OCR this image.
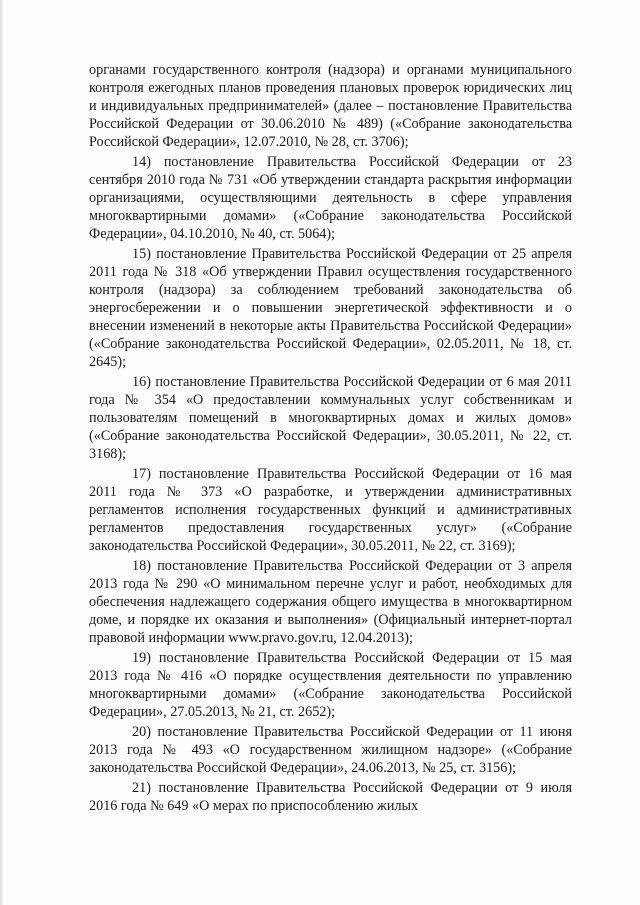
органами государственного контроля (надзора) и органами муниципального контроля ежегодных планов проведения плановых проверок юридических лиц и индивидуальных предпринимателей» (далее – постановление Правительства Российской Федерации от 30.06.2010 № 489) («Собрание законодательства Российской Федерации», 12.07.2010, № 28, ст. 3706);

14) постановление Правительства Российской Федерации от 23 сентября 2010 года № 731 «Об утверждении стандарта раскрытия информации организациями, осуществляющими деятельность в сфере управления многоквартирными домами» («Собрание законодательства Российской Федерации», 04.10.2010, № 40, ст. 5064);

15) постановление Правительства Российской Федерации от 25 апреля 2011 года № 318 «Об утверждении Правил осуществления государственного контроля (надзора) за соблюдением требований законодательства об энергосбережении и о повышении энергетической эффективности и о внесении изменений в некоторые акты Правительства Российской Федерации» («Собрание законодательства Российской Федерации», 02.05.2011, № 18, ст. 2645);

16) постановление Правительства Российской Федерации от 6 мая 2011 года № 354 «О предоставлении коммунальных услуг собственникам и пользователям помещений в многоквартирных домах и жилых домов» («Собрание законодательства Российской Федерации», 30.05.2011, № 22, ст. 3168);

17) постановление Правительства Российской Федерации от 16 мая 2011 года № 373 «О разработке, и утверждении административных регламентов исполнения государственных функций и административных регламентов предоставления государственных услуг» («Собрание законодательства Российской Федерации», 30.05.2011, № 22, ст. 3169);

18) постановление Правительства Российской Федерации от 3 апреля 2013 года № 290 «О минимальном перечне услуг и работ, необходимых для обеспечения надлежащего содержания общего имущества в многоквартирном доме, и порядке их оказания и выполнения» (Официальный интернет-портал правовой информации www.pravo.gov.ru, 12.04.2013);

19) постановление Правительства Российской Федерации от 15 мая 2013 года № 416 «О порядке осуществления деятельности по управлению многоквартирными домами» («Собрание законодательства Российской Федерации», 27.05.2013, № 21, ст. 2652);

20) постановление Правительства Российской Федерации от 11 июня 2013 года № 493 «О государственном жилищном надзоре» («Собрание законодательства Российской Федерации», 24.06.2013, № 25, ст. 3156);

21) постановление Правительства Российской Федерации от 9 июля 2016 года № 649 «О мерах по приспособлению жилых
